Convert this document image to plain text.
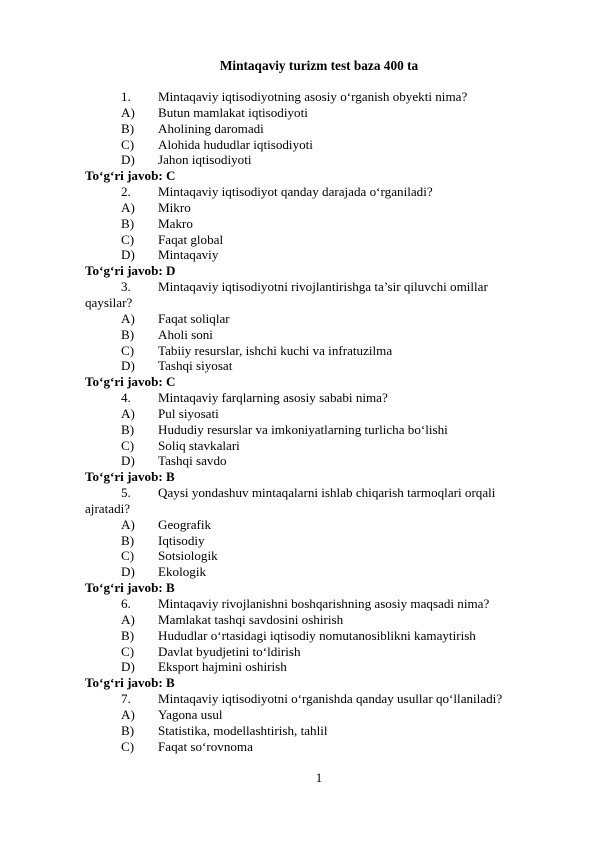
Mintaqaviy turizm test baza 400 ta
1.	Mintaqaviy iqtisodiyotning asosiy o‘rganish obyekti nima?
A)	Butun mamlakat iqtisodiyoti
B)	Aholining daromadi
C)	Alohida hududlar iqtisodiyoti
D)	Jahon iqtisodiyoti
To‘g‘ri javob: C
2.	Mintaqaviy iqtisodiyot qanday darajada o‘rganiladi?
A)	Mikro
B)	Makro
C)	Faqat global
D)	Mintaqaviy
To‘g‘ri javob: D
3.	Mintaqaviy iqtisodiyotni rivojlantirishga ta’sir qiluvchi omillar
qaysilar?
A)	Faqat soliqlar
B)	Aholi soni
C)	Tabiiy resurslar, ishchi kuchi va infratuzilma
D)	Tashqi siyosat
To‘g‘ri javob: C
4.	Mintaqaviy farqlarning asosiy sababi nima?
A)	Pul siyosati
B)	Hududiy resurslar va imkoniyatlarning turlicha bo‘lishi
C)	Soliq stavkalari
D)	Tashqi savdo
To‘g‘ri javob: B
5.	Qaysi yondashuv mintaqalarni ishlab chiqarish tarmoqlari orqali
ajratadi?
A)	Geografik
B)	Iqtisodiy
C)	Sotsiologik
D)	Ekologik
To‘g‘ri javob: B
6.	Mintaqaviy rivojlanishni boshqarishning asosiy maqsadi nima?
A)	Mamlakat tashqi savdosini oshirish
B)	Hududlar o‘rtasidagi iqtisodiy nomutanosiblikni kamaytirish
C)	Davlat byudjetini to‘ldirish
D)	Eksport hajmini oshirish
To‘g‘ri javob: B
7.	Mintaqaviy iqtisodiyotni o‘rganishda qanday usullar qo‘llaniladi?
A)	Yagona usul
B)	Statistika, modellashtirish, tahlil
C)	Faqat so‘rovnoma
1
